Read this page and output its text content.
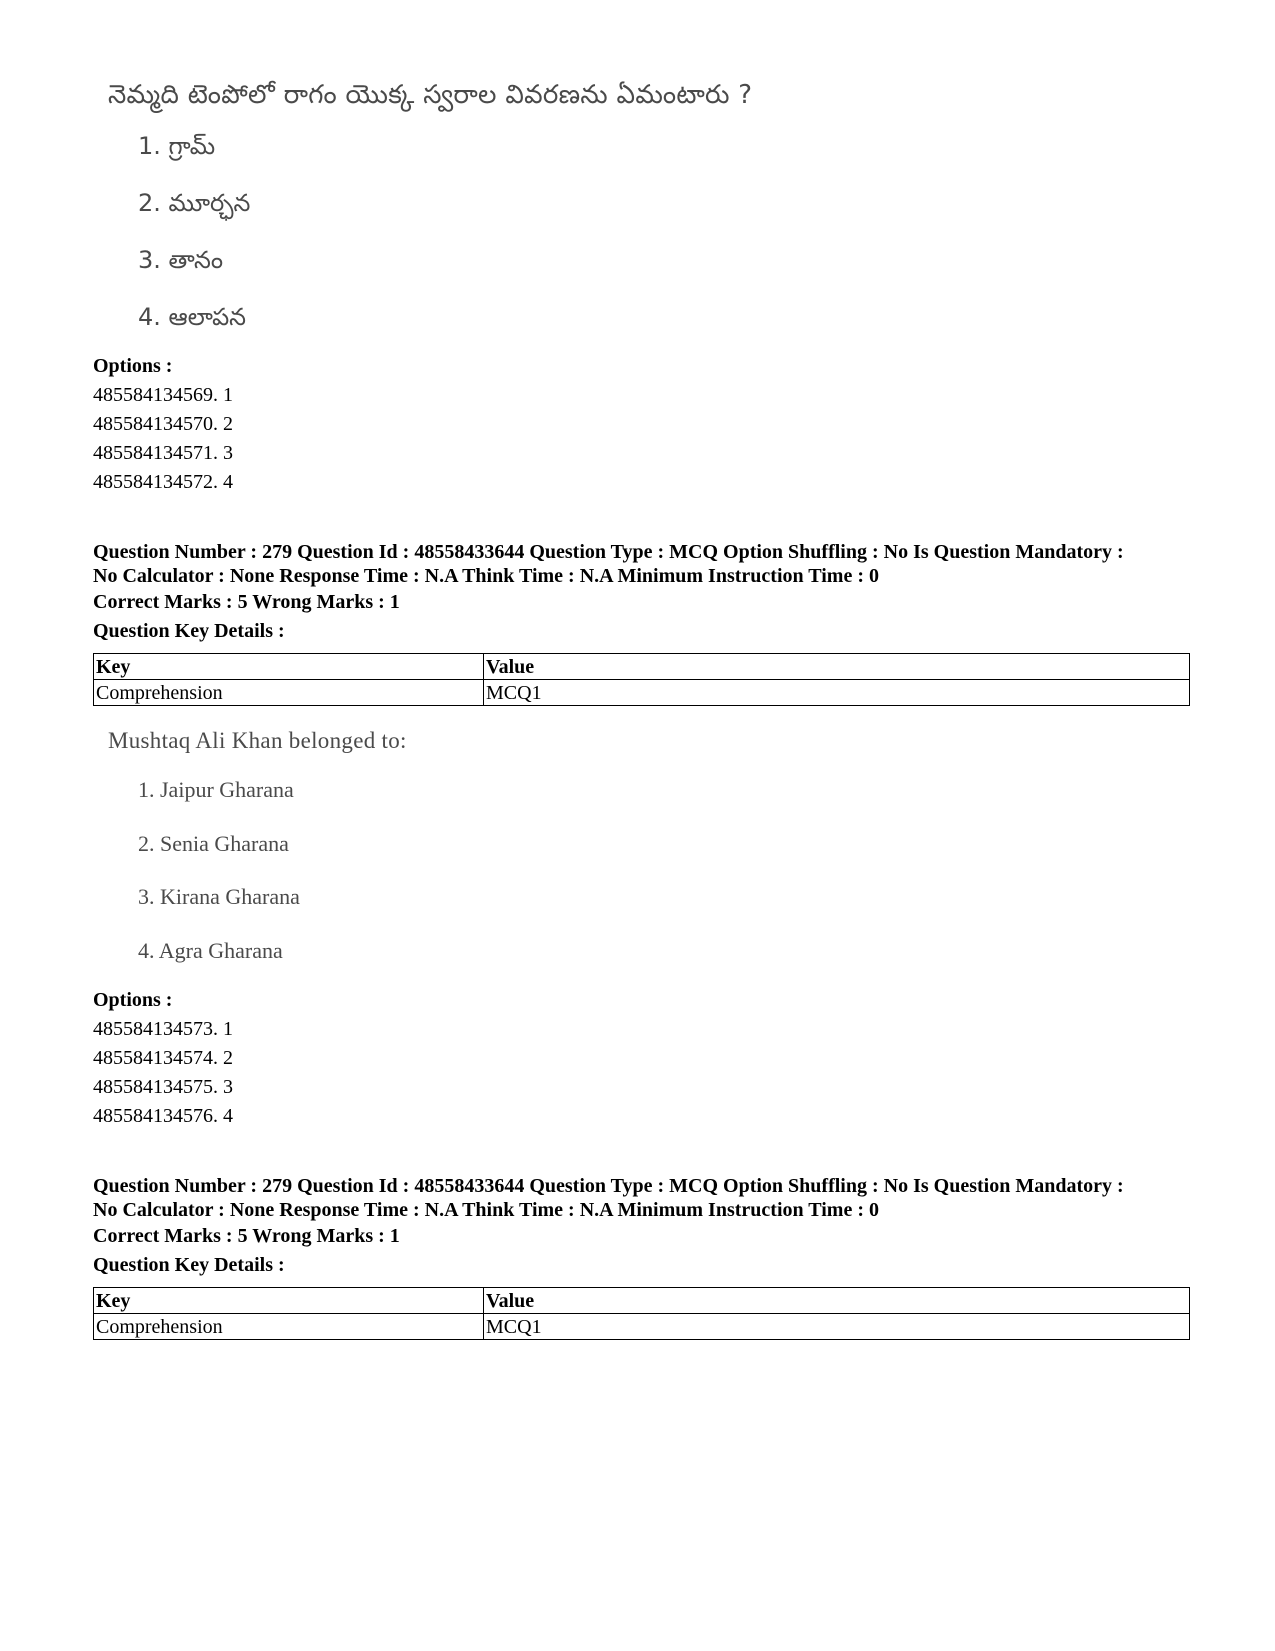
నెమ్మది టెంపోలో రాగం యొక్క స్వరాల వివరణను ఏమంటారు ?
1 . గ్రామ్
2 . మూర్ఛన
3 . తానం
4 . ఆలాపన
Options :
485584134569. 1
485584134570. 2
485584134571. 3
485584134572. 4
Question Number : 279 Question Id : 48558433644 Question Type : MCQ Option Shuffling : No Is Question Mandatory :
No Calculator : None Response Time : N.A Think Time : N.A Minimum Instruction Time : 0
Correct Marks : 5 Wrong Marks : 1
Question Key Details :
Key	Value
Comprehension	MCQ1
Mushtaq Ali Khan belonged to:
1 . Jaipur Gharana
2 . Senia Gharana
3 . Kirana Gharana
4 . Agra Gharana
Options :
485584134573. 1
485584134574. 2
485584134575. 3
485584134576. 4
Question Number : 279 Question Id : 48558433644 Question Type : MCQ Option Shuffling : No Is Question Mandatory :
No Calculator : None Response Time : N.A Think Time : N.A Minimum Instruction Time : 0
Correct Marks : 5 Wrong Marks : 1
Question Key Details :
Key	Value
Comprehension	MCQ1
